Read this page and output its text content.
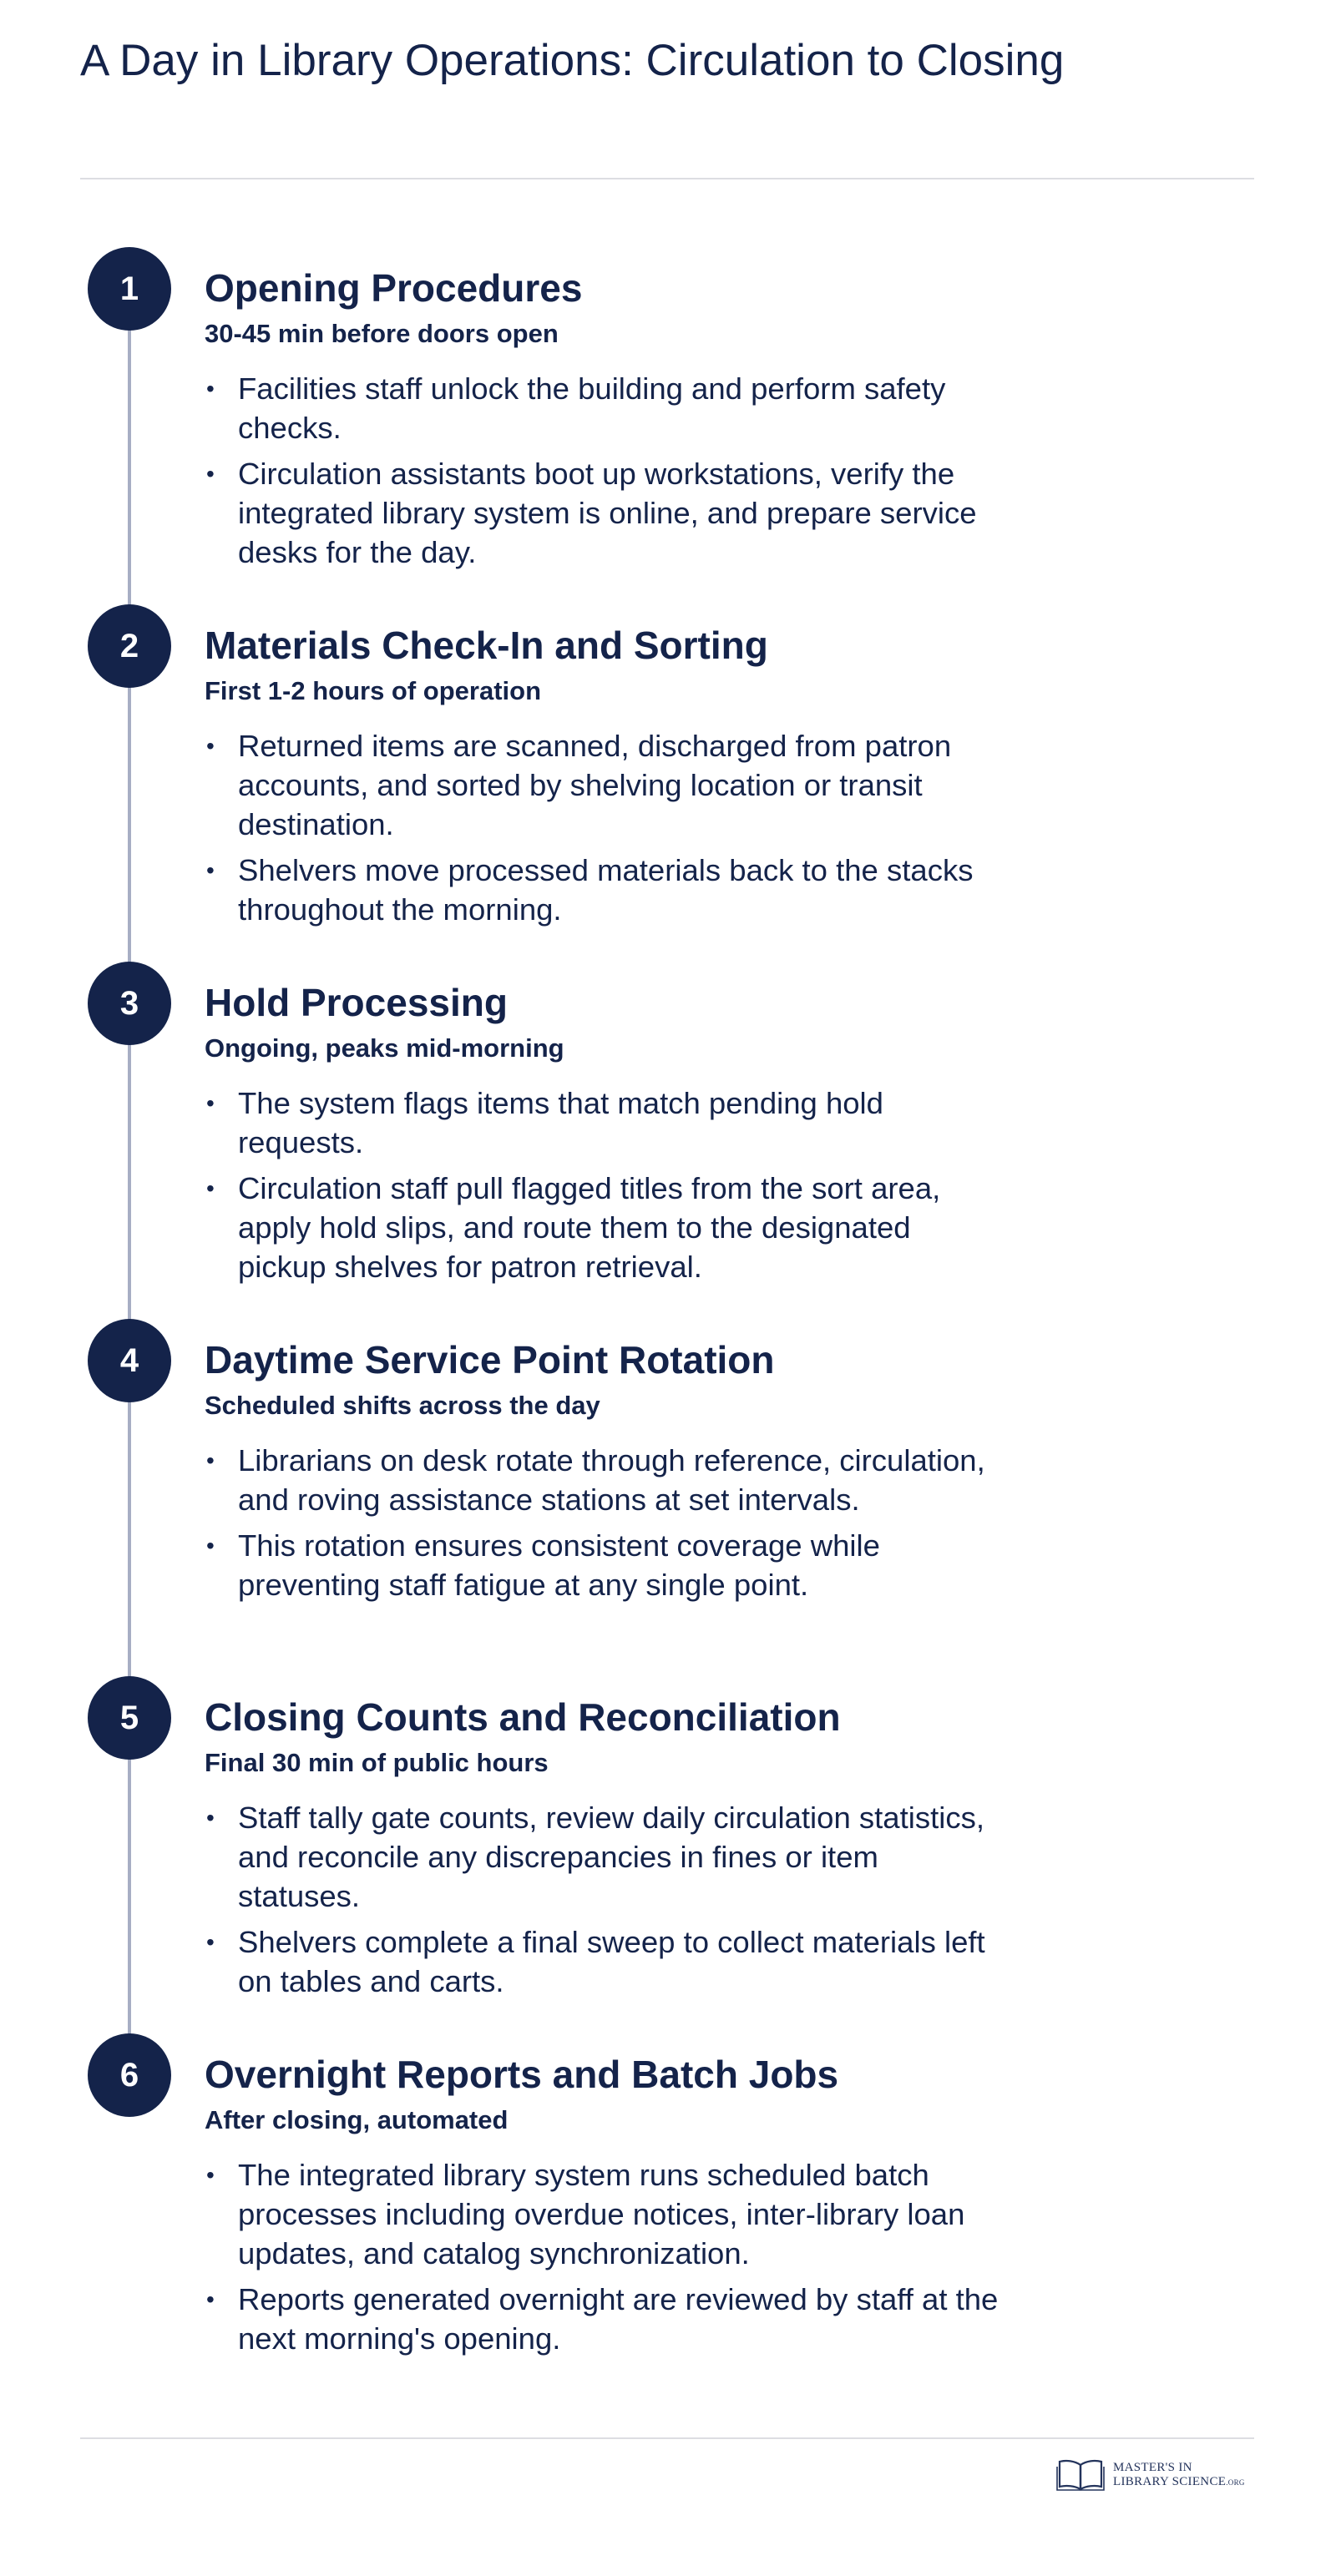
A Day in Library Operations: Circulation to Closing
1	Opening Procedures
30-45 min before doors open
• Facilities staff unlock the building and perform safety checks.
• Circulation assistants boot up workstations, verify the integrated library system is online, and prepare service desks for the day.
2	Materials Check-In and Sorting
First 1-2 hours of operation
• Returned items are scanned, discharged from patron accounts, and sorted by shelving location or transit destination.
• Shelvers move processed materials back to the stacks throughout the morning.
3	Hold Processing
Ongoing, peaks mid-morning
• The system flags items that match pending hold requests.
• Circulation staff pull flagged titles from the sort area, apply hold slips, and route them to the designated pickup shelves for patron retrieval.
4	Daytime Service Point Rotation
Scheduled shifts across the day
• Librarians on desk rotate through reference, circulation, and roving assistance stations at set intervals.
• This rotation ensures consistent coverage while preventing staff fatigue at any single point.
5	Closing Counts and Reconciliation
Final 30 min of public hours
• Staff tally gate counts, review daily circulation statistics, and reconcile any discrepancies in fines or item statuses.
• Shelvers complete a final sweep to collect materials left on tables and carts.
6	Overnight Reports and Batch Jobs
After closing, automated
• The integrated library system runs scheduled batch processes including overdue notices, inter-library loan updates, and catalog synchronization.
• Reports generated overnight are reviewed by staff at the next morning's opening.
MASTER'S IN
LIBRARY SCIENCE.ORG
